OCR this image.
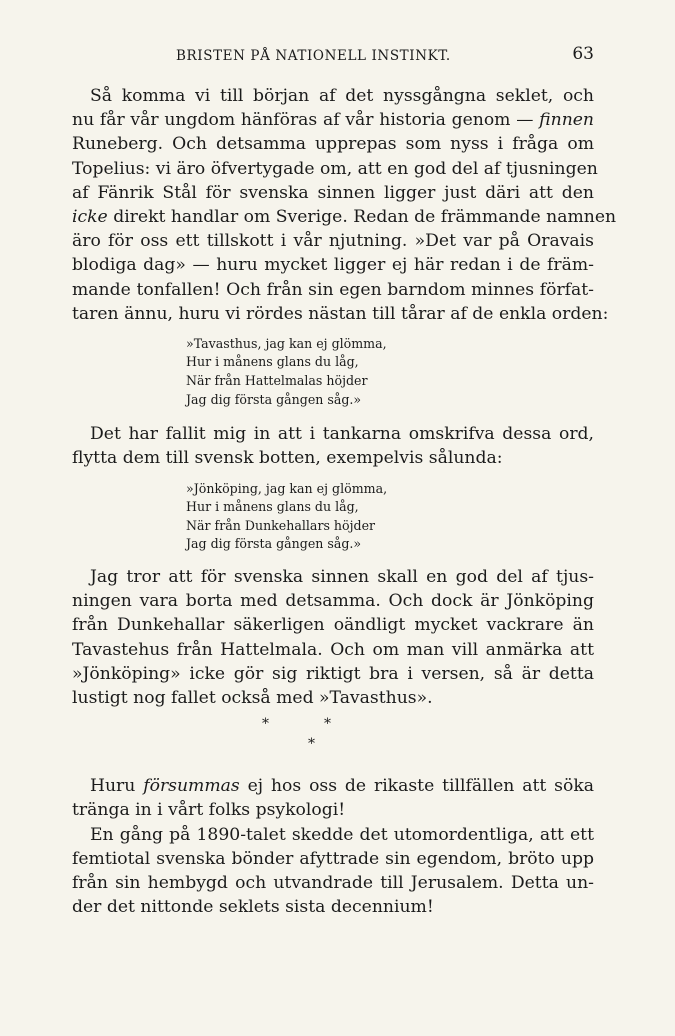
BRISTEN PÅ NATIONELL INSTINKT.	63
Så komma vi till början af det nyssgångna seklet, och
nu får vår ungdom hänföras af vår historia genom — finnen
Runeberg. Och detsamma upprepas som nyss i fråga om
Topelius: vi äro öfvertygade om, att en god del af tjusningen
af Fänrik Stål för svenska sinnen ligger just däri att den
icke direkt handlar om Sverige. Redan de främmande namnen
äro för oss ett tillskott i vår njutning. »Det var på Oravais
blodiga dag» — huru mycket ligger ej här redan i de främ-
mande tonfallen! Och från sin egen barndom minnes förfat-
taren ännu, huru vi rördes nästan till tårar af de enkla orden:
»Tavasthus, jag kan ej glömma,
Hur i månens glans du låg,
När från Hattelmalas höjder
Jag dig första gången såg.»
Det har fallit mig in att i tankarna omskrifva dessa ord,
flytta dem till svensk botten, exempelvis sålunda:
»Jönköping, jag kan ej glömma,
Hur i månens glans du låg,
När från Dunkehallars höjder
Jag dig första gången såg.»
Jag tror att för svenska sinnen skall en god del af tjus-
ningen vara borta med detsamma. Och dock är Jönköping
från Dunkehallar säkerligen oändligt mycket vackrare än
Tavastehus från Hattelmala. Och om man vill anmärka att
»Jönköping» icke gör sig riktigt bra i versen, så är detta
lustigt nog fallet också med »Tavasthus».
*	*
*
Huru försummas ej hos oss de rikaste tillfällen att söka
tränga in i vårt folks psykologi!
En gång på 1890-talet skedde det utomordentliga, att ett
femtiotal svenska bönder afyttrade sin egendom, bröto upp
från sin hembygd och utvandrade till Jerusalem. Detta un-
der det nittonde seklets sista decennium!
